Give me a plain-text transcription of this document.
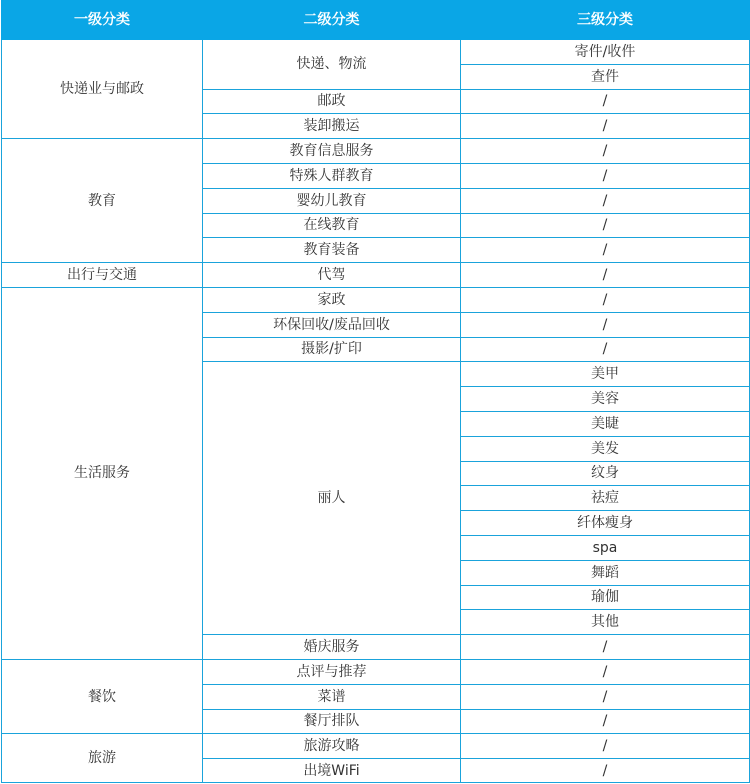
一级分类	二级分类	三级分类
快递业与邮政	快递、物流	寄件/收件
		查件
	邮政	/
	装卸搬运	/
教育	教育信息服务	/
	特殊人群教育	/
	婴幼儿教育	/
	在线教育	/
	教育装备	/
出行与交通	代驾	/
生活服务	家政	/
	环保回收/废品回收	/
	摄影/扩印	/
	丽人	美甲
		美容
		美睫
		美发
		纹身
		祛痘
		纤体瘦身
		spa
		舞蹈
		瑜伽
		其他
	婚庆服务	/
餐饮	点评与推荐	/
	菜谱	/
	餐厅排队	/
旅游	旅游攻略	/
	出境WiFi	/
